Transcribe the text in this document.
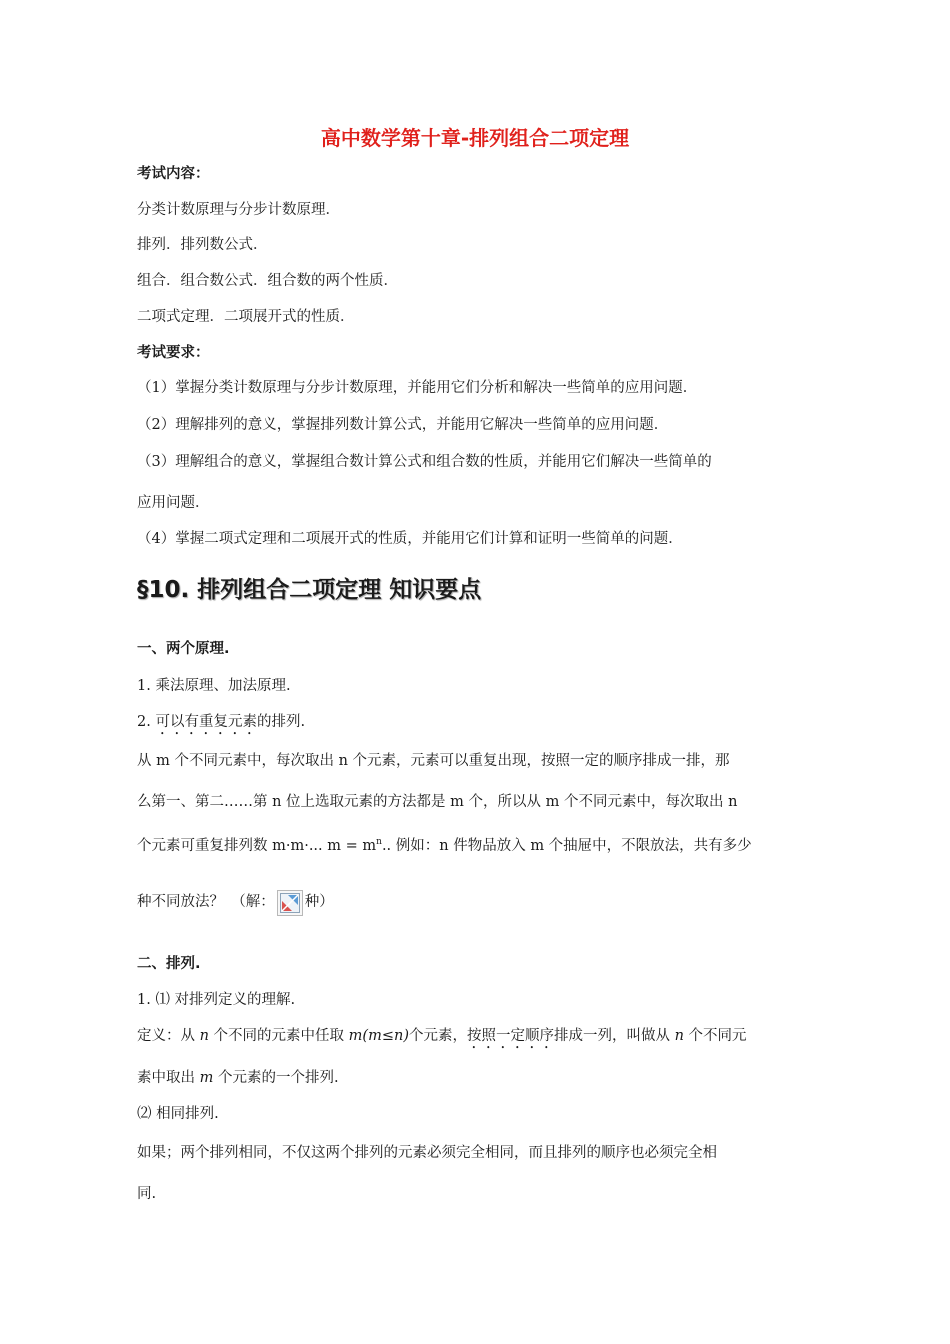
高中数学第十章-排列组合二项定理
考试内容：
分类计数原理与分步计数原理．
排列．排列数公式．
组合．组合数公式．组合数的两个性质．
二项式定理．二项展开式的性质．
考试要求：
（1）掌握分类计数原理与分步计数原理，并能用它们分析和解决一些简单的应用问题．
（2）理解排列的意义，掌握排列数计算公式，并能用它解决一些简单的应用问题．
（3）理解组合的意义，掌握组合数计算公式和组合数的性质，并能用它们解决一些简单的
应用问题．
（4）掌握二项式定理和二项展开式的性质，并能用它们计算和证明一些简单的问题．
§10. 排列组合二项定理 知识要点
一、两个原理.
1. 乘法原理、加法原理.
2. 可以有重复元素的排列.
从 m 个不同元素中，每次取出 n 个元素，元素可以重复出现，按照一定的顺序排成一排，那
么第一、第二……第 n 位上选取元素的方法都是 m 个，所以从 m 个不同元素中，每次取出 n
个元素可重复排列数 m·m·... $m = m^n$.. 例如：n 件物品放入 m 个抽屉中，不限放法，共有多少
种不同放法？　（解： 种）
二、排列.
1. ⑴ 对排列定义的理解.
定义：从 n 个不同的元素中任取 m(m≤n)个元素，按照一定顺序排成一列，叫做从 n 个不同元
素中取出 m 个元素的一个排列.
⑵ 相同排列.
如果；两个排列相同，不仅这两个排列的元素必须完全相同，而且排列的顺序也必须完全相
同.
